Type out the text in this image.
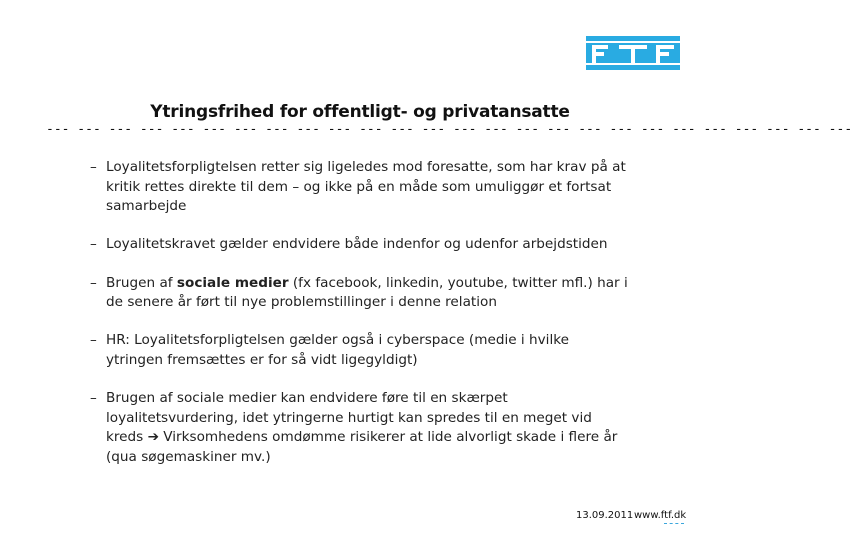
Ytringsfrihed for offentligt- og privatansatte
--- --- --- --- --- --- --- --- --- --- --- --- --- --- --- --- --- --- --- --- --- --- --- --- --- ---
– Loyalitetsforpligtelsen retter sig ligeledes mod foresatte, som har krav på at kritik rettes direkte til dem – og ikke på en måde som umuliggør et fortsat samarbejde
– Loyalitetskravet gælder endvidere både indenfor og udenfor arbejdstiden
– Brugen af sociale medier (fx facebook, linkedin, youtube, twitter mfl.) har i de senere år ført til nye problemstillinger i denne relation
– HR: Loyalitetsforpligtelsen gælder også i cyberspace (medie i hvilke ytringen fremsættes er for så vidt ligegyldigt)
– Brugen af sociale medier kan endvidere føre til en skærpet loyalitetsvurdering, idet ytringerne hurtigt kan spredes til en meget vid kreds ➔ Virksomhedens omdømme risikerer at lide alvorligt skade i flere år (qua søgemaskiner mv.)
13.09.2011 www.ftf.dk
